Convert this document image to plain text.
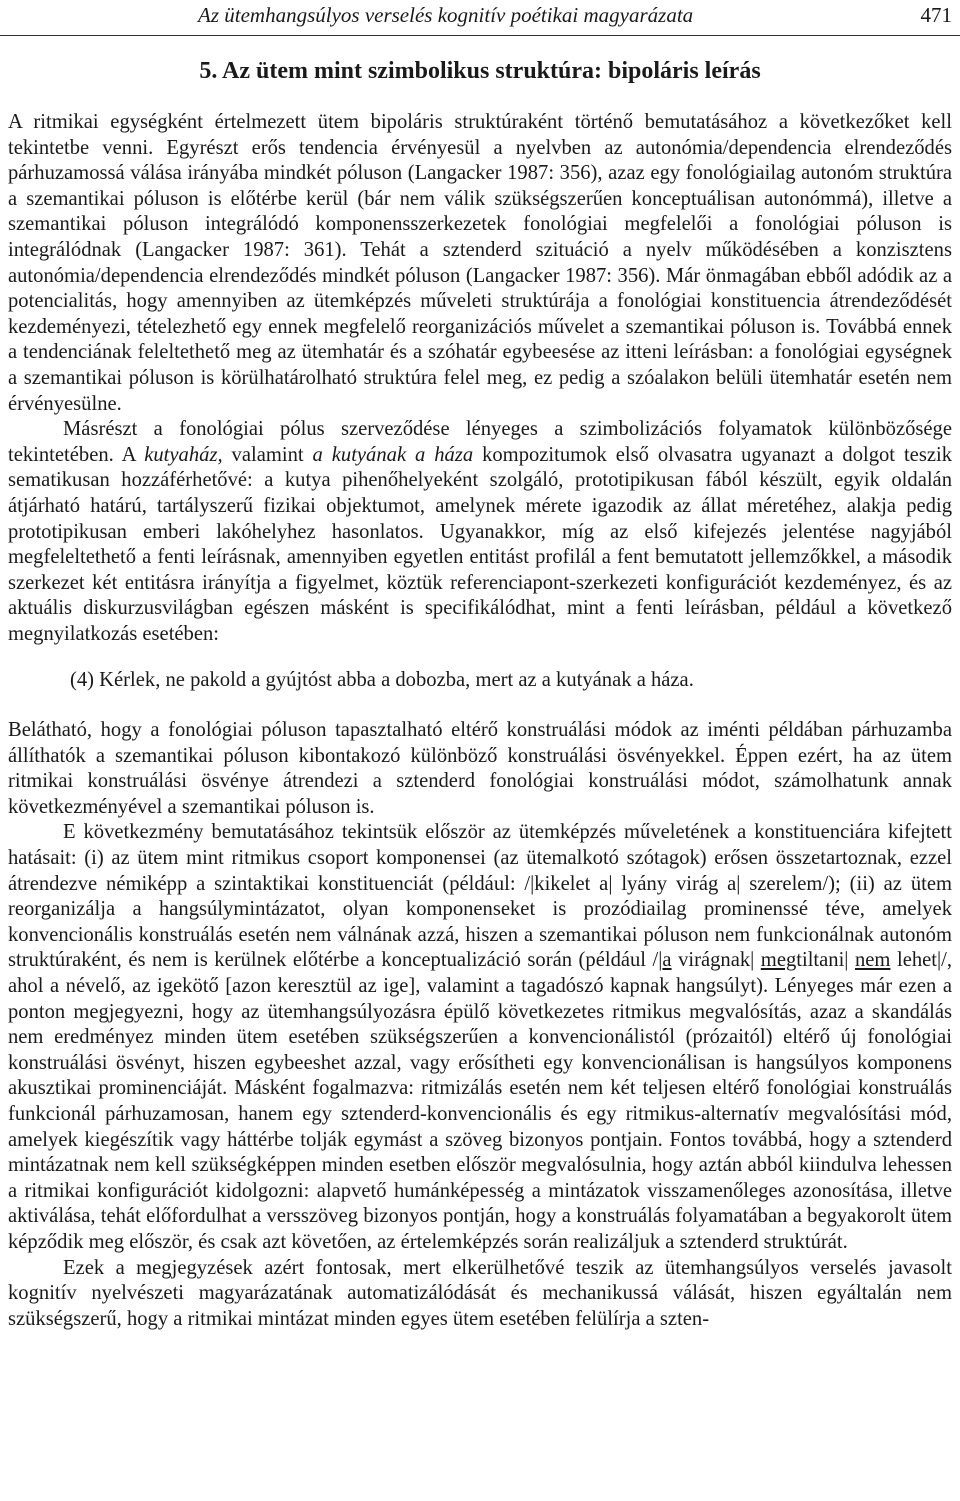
Az ütemhangsúlyos verselés kognitív poétikai magyarázata	471
5. Az ütem mint szimbolikus struktúra: bipoláris leírás

A ritmikai egységként értelmezett ütem bipoláris struktúraként történő bemutatásához a következőket kell tekintetbe venni. Egyrészt erős tendencia érvényesül a nyelvben az autonómia/dependencia elrendeződés párhuzamossá válása irányába mindkét póluson (Langacker 1987: 356), azaz egy fonológiailag autonóm struktúra a szemantikai póluson is előtérbe kerül (bár nem válik szükségszerűen konceptuálisan autonómmá), illetve a szemantikai póluson integrálódó komponensszerkezetek fonológiai megfelelői a fonológiai póluson is integrálódnak (Langacker 1987: 361). Tehát a sztenderd szituáció a nyelv működésében a konzisztens autonómia/dependencia elrendeződés mindkét póluson (Langacker 1987: 356). Már önmagában ebből adódik az a potencialitás, hogy amennyiben az ütemképzés műveleti struktúrája a fonológiai konstituencia átrendeződését kezdeményezi, tételezhető egy ennek megfelelő reorganizációs művelet a szemantikai póluson is. Továbbá ennek a tendenciának feleltethető meg az ütemhatár és a szóhatár egybeesése az itteni leírásban: a fonológiai egységnek a szemantikai póluson is körülhatárolható struktúra felel meg, ez pedig a szóalakon belüli ütemhatár esetén nem érvényesülne.

Másrészt a fonológiai pólus szerveződése lényeges a szimbolizációs folyamatok különbözősége tekintetében. A kutyaház, valamint a kutyának a háza kompozitumok első olvasatra ugyanazt a dolgot teszik sematikusan hozzáférhetővé: a kutya pihenőhelyeként szolgáló, prototipikusan fából készült, egyik oldalán átjárható határú, tartályszerű fizikai objektumot, amelynek mérete igazodik az állat méretéhez, alakja pedig prototipikusan emberi lakóhelyhez hasonlatos. Ugyanakkor, míg az első kifejezés jelentése nagyjából megfeleltethető a fenti leírásnak, amennyiben egyetlen entitást profilál a fent bemutatott jellemzőkkel, a második szerkezet két entitásra irányítja a figyelmet, köztük referenciapont-szerkezeti konfigurációt kezdeményez, és az aktuális diskurzusvilágban egészen másként is specifikálódhat, mint a fenti leírásban, például a következő megnyilatkozás esetében:

(4) Kérlek, ne pakold a gyújtóst abba a dobozba, mert az a kutyának a háza.

Belátható, hogy a fonológiai póluson tapasztalható eltérő konstruálási módok az iménti példában párhuzamba állíthatók a szemantikai póluson kibontakozó különböző konstruálási ösvényekkel. Éppen ezért, ha az ütem ritmikai konstruálási ösvénye átrendezi a sztenderd fonológiai konstruálási módot, számolhatunk annak következményével a szemantikai póluson is.

E következmény bemutatásához tekintsük először az ütemképzés műveletének a konstituenciára kifejtett hatásait: (i) az ütem mint ritmikus csoport komponensei (az ütemalkotó szótagok) erősen összetartoznak, ezzel átrendezve némiképp a szintaktikai konstituenciát (például: /|kikelet a| lyány virág a| szerelem/); (ii) az ütem reorganizálja a hangsúlymintázatot, olyan komponenseket is prozódiailag prominenssé téve, amelyek konvencionális konstruálás esetén nem válnának azzá, hiszen a szemantikai póluson nem funkcionálnak autonóm struktúraként, és nem is kerülnek előtérbe a konceptualizáció során (például /|a virágnak| megtiltani| nem lehet|/, ahol a névelő, az igekötő [azon keresztül az ige], valamint a tagadószó kapnak hangsúlyt). Lényeges már ezen a ponton megjegyezni, hogy az ütemhangsúlyozásra épülő következetes ritmikus megvalósítás, azaz a skandálás nem eredményez minden ütem esetében szükségszerűen a konvencionálistól (prózaitól) eltérő új fonológiai konstruálási ösvényt, hiszen egybeeshet azzal, vagy erősítheti egy konvencionálisan is hangsúlyos komponens akusztikai prominenciáját. Másként fogalmazva: ritmizálás esetén nem két teljesen eltérő fonológiai konstruálás funkcionál párhuzamosan, hanem egy sztenderd-konvencionális és egy ritmikus-alternatív megvalósítási mód, amelyek kiegészítik vagy háttérbe tolják egymást a szöveg bizonyos pontjain. Fontos továbbá, hogy a sztenderd mintázatnak nem kell szükségképpen minden esetben először megvalósulnia, hogy aztán abból kiindulva lehessen a ritmikai konfigurációt kidolgozni: alapvető humánképesség a mintázatok visszamenőleges azonosítása, illetve aktiválása, tehát előfordulhat a versszöveg bizonyos pontján, hogy a konstruálás folyamatában a begyakorolt ütem képződik meg először, és csak azt követően, az értelemképzés során realizáljuk a sztenderd struktúrát.

Ezek a megjegyzések azért fontosak, mert elkerülhetővé teszik az ütemhangsúlyos verselés javasolt kognitív nyelvészeti magyarázatának automatizálódását és mechanikussá válását, hiszen egyáltalán nem szükségszerű, hogy a ritmikai mintázat minden egyes ütem esetében felülírja a szten-
